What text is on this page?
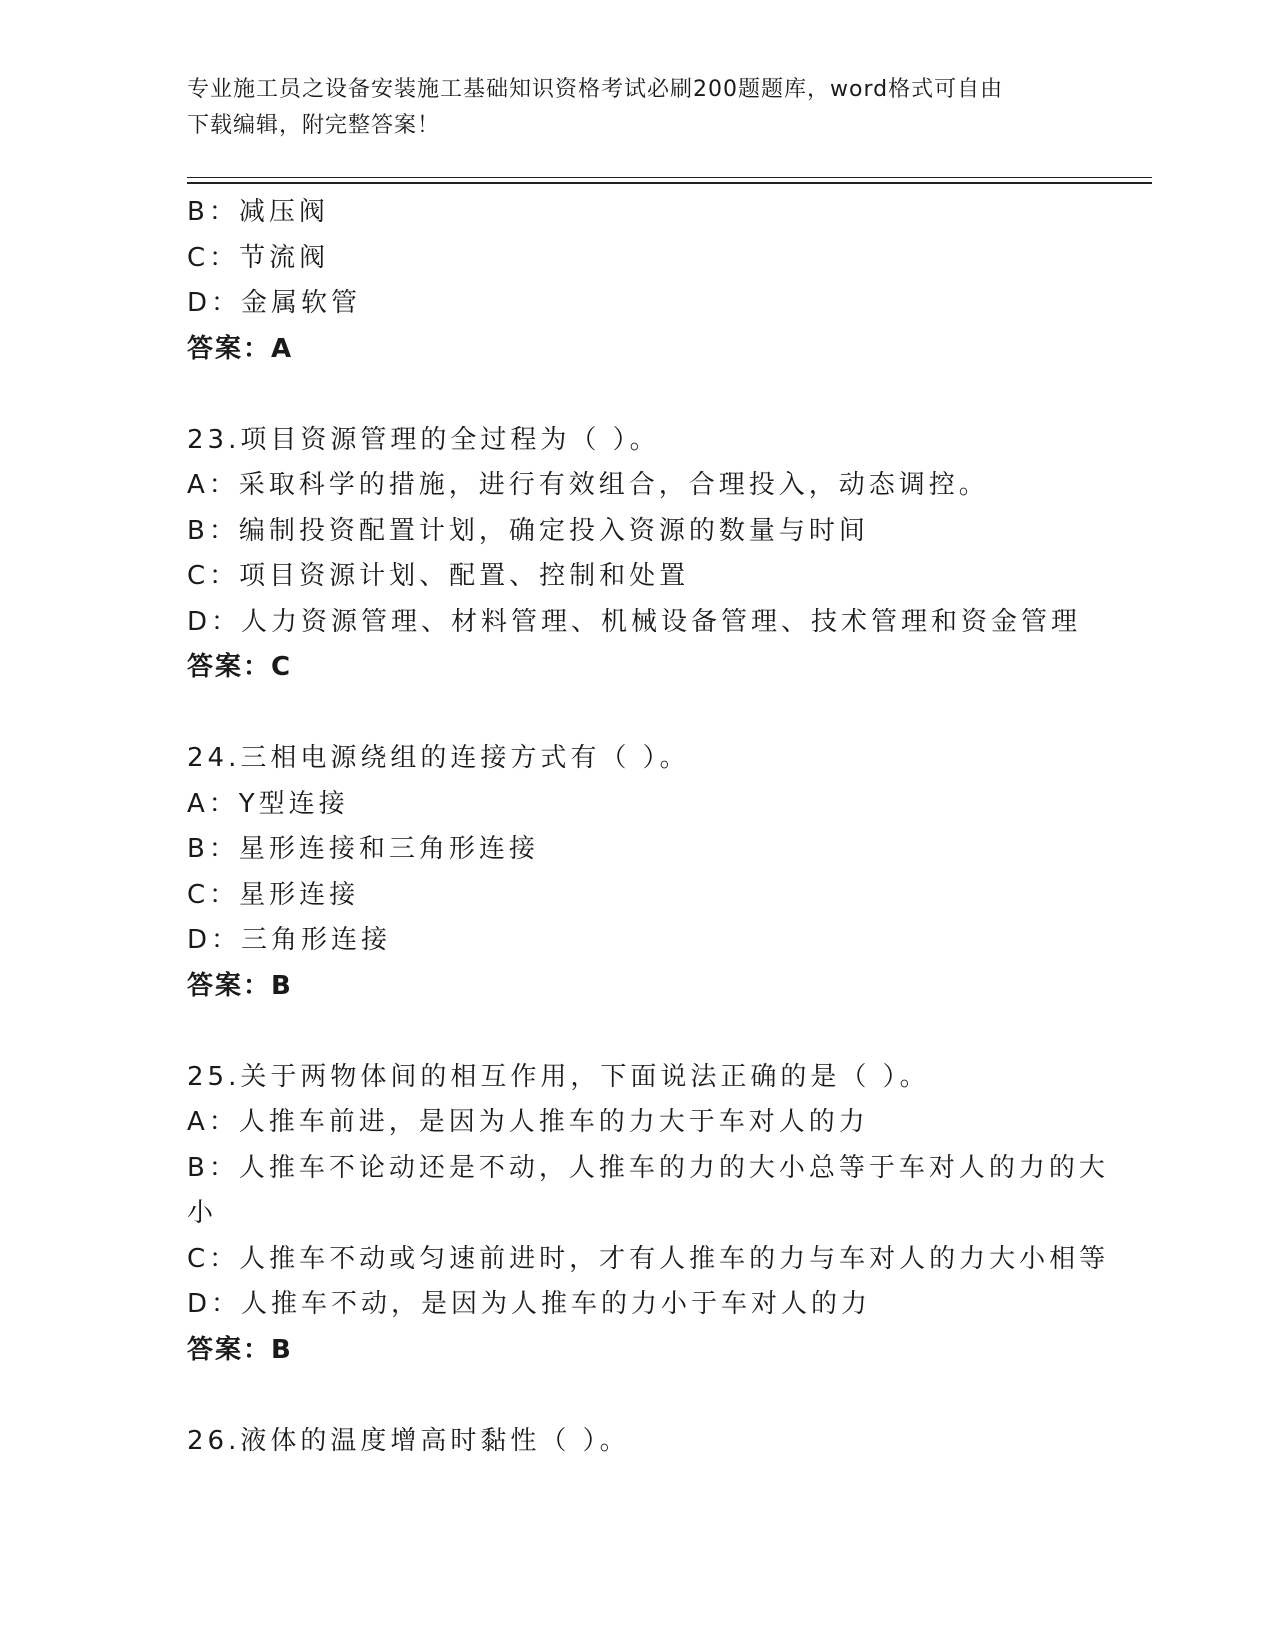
专业施工员之设备安装施工基础知识资格考试必刷200题题库，word格式可自由
下载编辑，附完整答案！
B：减压阀
C：节流阀
D：金属软管
答案：A
23.项目资源管理的全过程为（ ）。
A：采取科学的措施，进行有效组合，合理投入，动态调控。
B：编制投资配置计划，确定投入资源的数量与时间
C：项目资源计划、配置、控制和处置
D：人力资源管理、材料管理、机械设备管理、技术管理和资金管理
答案：C
24.三相电源绕组的连接方式有（ ）。
A：Y型连接
B：星形连接和三角形连接
C：星形连接
D：三角形连接
答案：B
25.关于两物体间的相互作用，下面说法正确的是（ ）。
A：人推车前进，是因为人推车的力大于车对人的力
B：人推车不论动还是不动，人推车的力的大小总等于车对人的力的大
小
C：人推车不动或匀速前进时，才有人推车的力与车对人的力大小相等
D：人推车不动，是因为人推车的力小于车对人的力
答案：B
26.液体的温度增高时黏性（ ）。
